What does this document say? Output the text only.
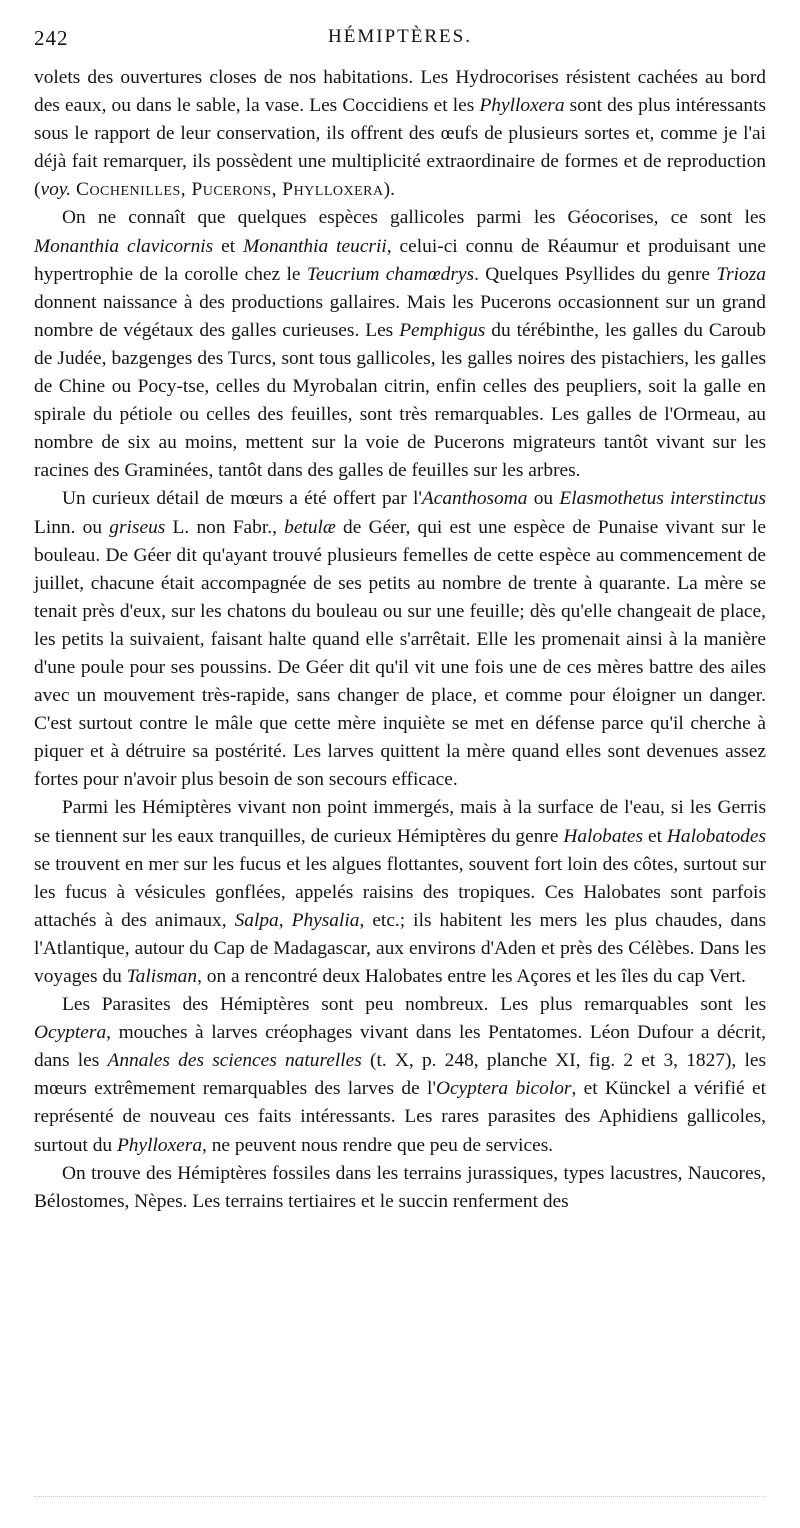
242	HÉMIPTÈRES.

volets des ouvertures closes de nos habitations. Les Hydrocorises résistent cachées au bord des eaux, ou dans le sable, la vase. Les Coccidiens et les Phylloxera sont des plus intéressants sous le rapport de leur conservation, ils offrent des œufs de plusieurs sortes et, comme je l'ai déjà fait remarquer, ils possèdent une multiplicité extraordinaire de formes et de reproduction (voy. Cochenilles, Pucerons, Phylloxera).

On ne connaît que quelques espèces gallicoles parmi les Géocorises, ce sont les Monanthia clavicornis et Monanthia teucrii, celui-ci connu de Réaumur et produisant une hypertrophie de la corolle chez le Teucrium chamœdrys. Quelques Psyllides du genre Trioza donnent naissance à des productions gallaires. Mais les Pucerons occasionnent sur un grand nombre de végétaux des galles curieuses. Les Pemphigus du térébinthe, les galles du Caroub de Judée, bazgenges des Turcs, sont tous gallicoles, les galles noires des pistachiers, les galles de Chine ou Pocy-tse, celles du Myrobalan citrin, enfin celles des peupliers, soit la galle en spirale du pétiole ou celles des feuilles, sont très remarquables. Les galles de l'Ormeau, au nombre de six au moins, mettent sur la voie de Pucerons migrateurs tantôt vivant sur les racines des Graminées, tantôt dans des galles de feuilles sur les arbres.

Un curieux détail de mœurs a été offert par l'Acanthosoma ou Elasmothetus interstinctus Linn. ou griseus L. non Fabr., betulæ de Géer, qui est une espèce de Punaise vivant sur le bouleau. De Géer dit qu'ayant trouvé plusieurs femelles de cette espèce au commencement de juillet, chacune était accompagnée de ses petits au nombre de trente à quarante. La mère se tenait près d'eux, sur les chatons du bouleau ou sur une feuille; dès qu'elle changeait de place, les petits la suivaient, faisant halte quand elle s'arrêtait. Elle les promenait ainsi à la manière d'une poule pour ses poussins. De Géer dit qu'il vit une fois une de ces mères battre des ailes avec un mouvement très-rapide, sans changer de place, et comme pour éloigner un danger. C'est surtout contre le mâle que cette mère inquiète se met en défense parce qu'il cherche à piquer et à détruire sa postérité. Les larves quittent la mère quand elles sont devenues assez fortes pour n'avoir plus besoin de son secours efficace.

Parmi les Hémiptères vivant non point immergés, mais à la surface de l'eau, si les Gerris se tiennent sur les eaux tranquilles, de curieux Hémiptères du genre Halobates et Halobatodes se trouvent en mer sur les fucus et les algues flottantes, souvent fort loin des côtes, surtout sur les fucus à vésicules gonflées, appelés raisins des tropiques. Ces Halobates sont parfois attachés à des animaux, Salpa, Physalia, etc.; ils habitent les mers les plus chaudes, dans l'Atlantique, autour du Cap de Madagascar, aux environs d'Aden et près des Célèbes. Dans les voyages du Talisman, on a rencontré deux Halobates entre les Açores et les îles du cap Vert.

Les Parasites des Hémiptères sont peu nombreux. Les plus remarquables sont les Ocyptera, mouches à larves créophages vivant dans les Pentatomes. Léon Dufour a décrit, dans les Annales des sciences naturelles (t. X, p. 248, planche XI, fig. 2 et 3, 1827), les mœurs extrêmement remarquables des larves de l'Ocyptera bicolor, et Künckel a vérifié et représenté de nouveau ces faits intéressants. Les rares parasites des Aphidiens gallicoles, surtout du Phylloxera, ne peuvent nous rendre que peu de services.

On trouve des Hémiptères fossiles dans les terrains jurassiques, types lacustres, Naucores, Bélostomes, Nèpes. Les terrains tertiaires et le succin renferment des
